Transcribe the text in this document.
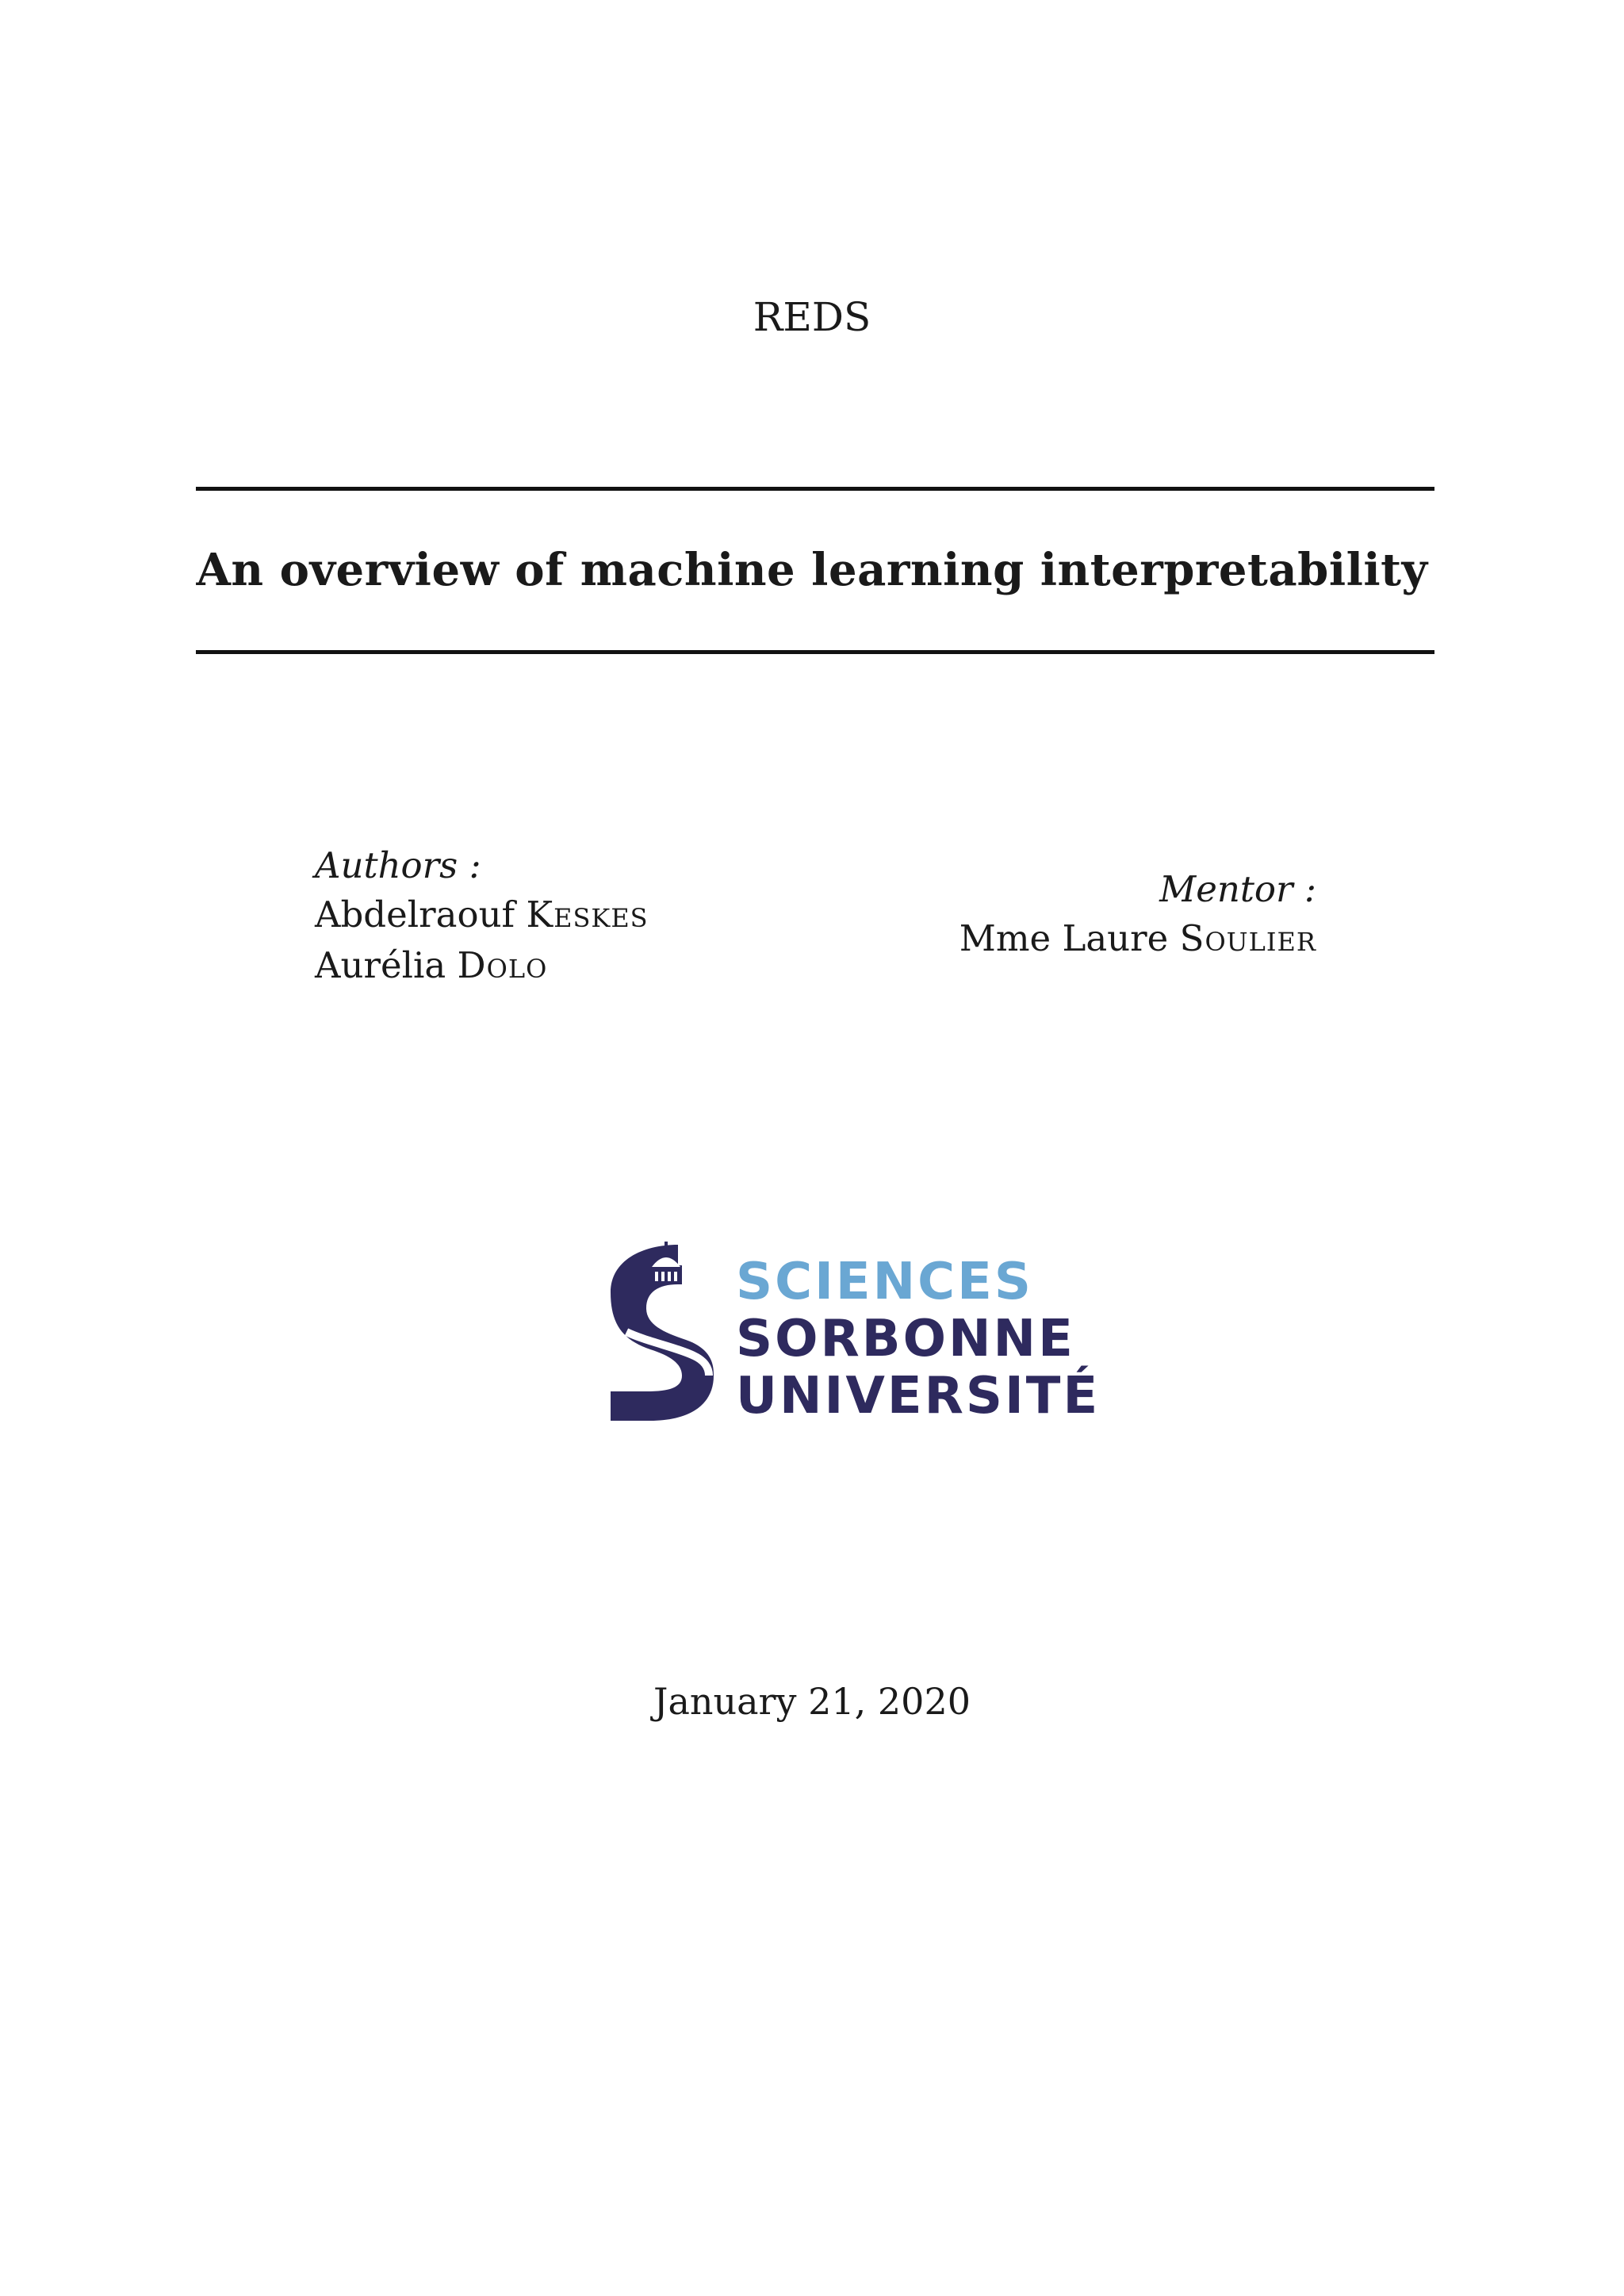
REDS
An overview of machine learning interpretability
Authors :
Abdelraouf Keskes
Aurélia Dolo
Mentor :
Mme Laure Soulier
SCIENCES
SORBONNE
UNIVERSITÉ
January 21, 2020
